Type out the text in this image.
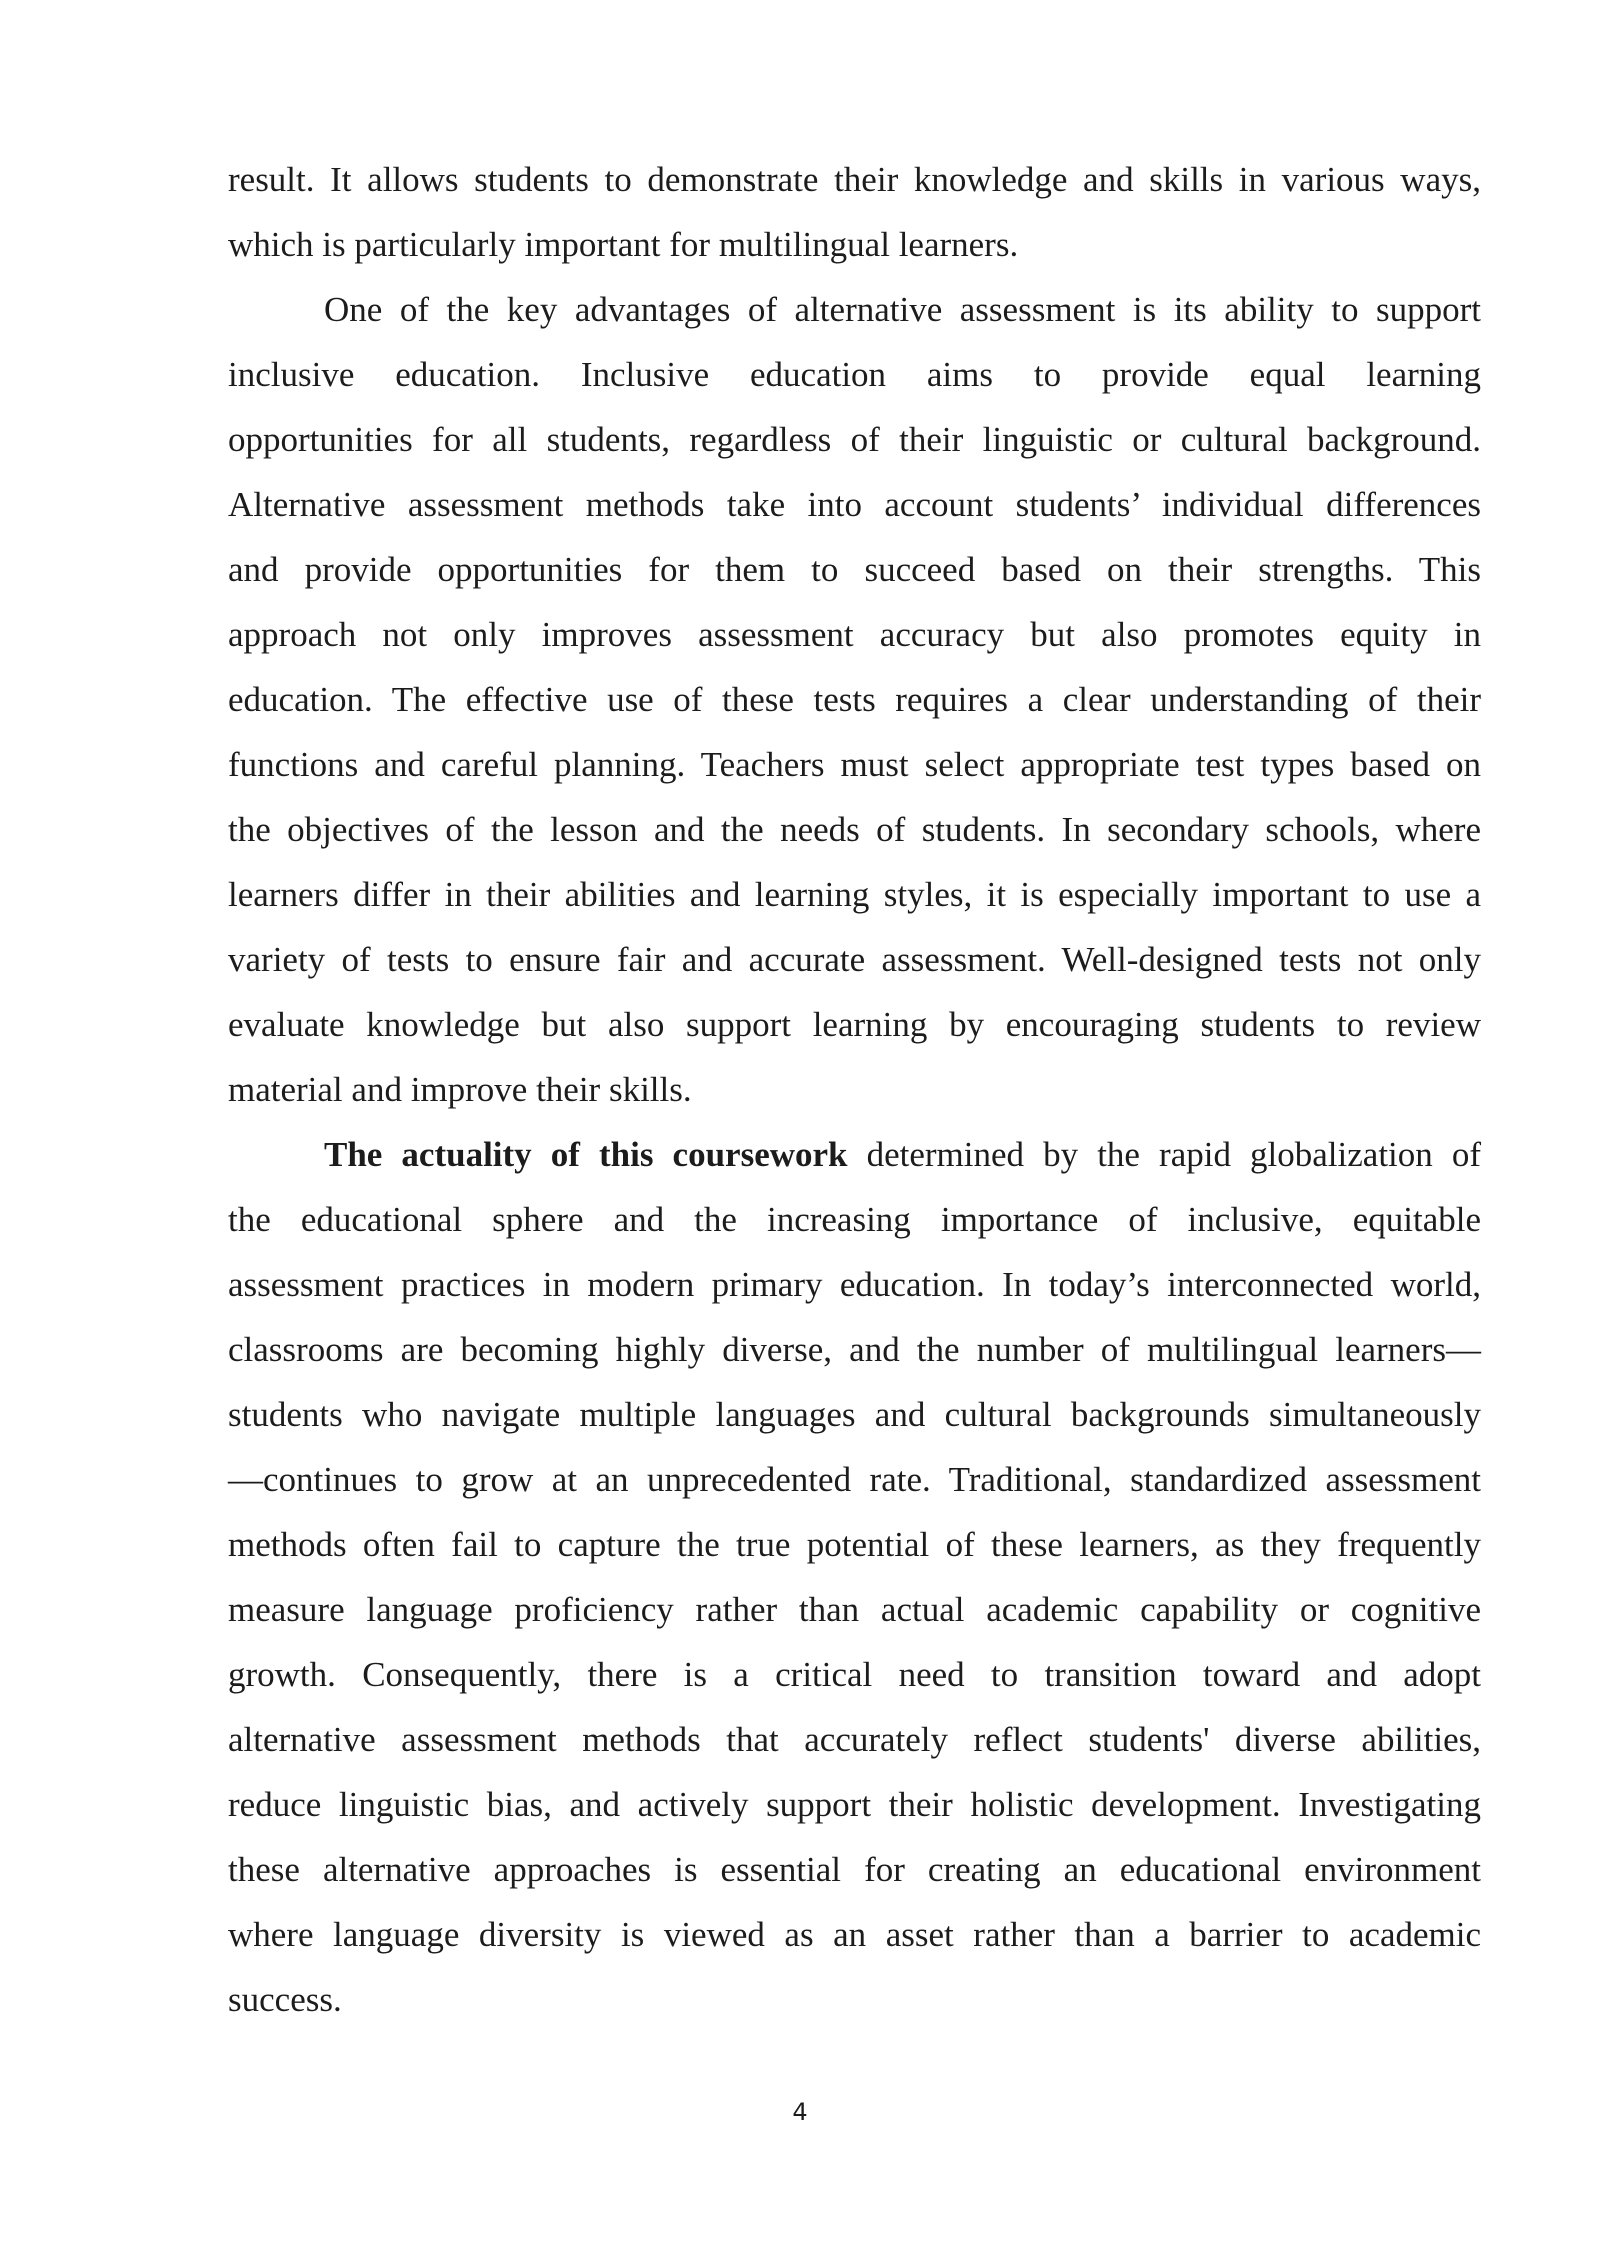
result. It allows students to demonstrate their knowledge and skills in various ways,
which is particularly important for multilingual learners.
One of the key advantages of alternative assessment is its ability to support
inclusive education. Inclusive education aims to provide equal learning
opportunities for all students, regardless of their linguistic or cultural background.
Alternative assessment methods take into account students’ individual differences
and provide opportunities for them to succeed based on their strengths. This
approach not only improves assessment accuracy but also promotes equity in
education. The effective use of these tests requires a clear understanding of their
functions and careful planning. Teachers must select appropriate test types based on
the objectives of the lesson and the needs of students. In secondary schools, where
learners differ in their abilities and learning styles, it is especially important to use a
variety of tests to ensure fair and accurate assessment. Well-designed tests not only
evaluate knowledge but also support learning by encouraging students to review
material and improve their skills.
The actuality of this coursework determined by the rapid globalization of
the educational sphere and the increasing importance of inclusive, equitable
assessment practices in modern primary education. In today’s interconnected world,
classrooms are becoming highly diverse, and the number of multilingual learners—
students who navigate multiple languages and cultural backgrounds simultaneously
—continues to grow at an unprecedented rate. Traditional, standardized assessment
methods often fail to capture the true potential of these learners, as they frequently
measure language proficiency rather than actual academic capability or cognitive
growth. Consequently, there is a critical need to transition toward and adopt
alternative assessment methods that accurately reflect students' diverse abilities,
reduce linguistic bias, and actively support their holistic development. Investigating
these alternative approaches is essential for creating an educational environment
where language diversity is viewed as an asset rather than a barrier to academic
success.
4
